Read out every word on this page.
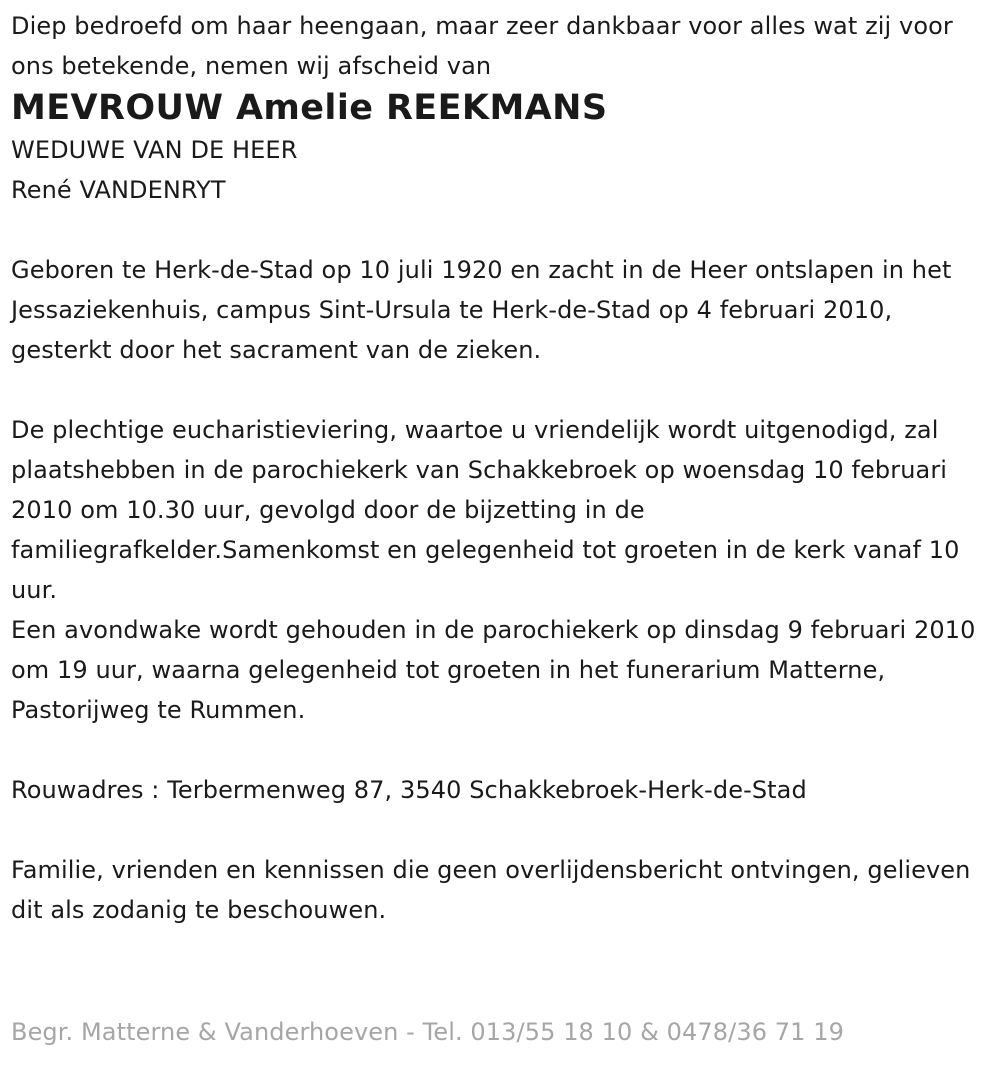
Diep bedroefd om haar heengaan, maar zeer dankbaar voor alles wat zij voor ons betekende, nemen wij afscheid van

MEVROUW Amelie REEKMANS

WEDUWE VAN DE HEER

René VANDENRYT

Geboren te Herk-de-Stad op 10 juli 1920 en zacht in de Heer ontslapen in het Jessaziekenhuis, campus Sint-Ursula te Herk-de-Stad op 4 februari 2010, gesterkt door het sacrament van de zieken.

De plechtige eucharistieviering, waartoe u vriendelijk wordt uitgenodigd, zal plaatshebben in de parochiekerk van Schakkebroek op woensdag 10 februari 2010 om 10.30 uur, gevolgd door de bijzetting in de familiegrafkelder.Samenkomst en gelegenheid tot groeten in de kerk vanaf 10 uur.

Een avondwake wordt gehouden in de parochiekerk op dinsdag 9 februari 2010 om 19 uur, waarna gelegenheid tot groeten in het funerarium Matterne, Pastorijweg te Rummen.

Rouwadres : Terbermenweg 87, 3540 Schakkebroek-Herk-de-Stad

Familie, vrienden en kennissen die geen overlijdensbericht ontvingen, gelieven dit als zodanig te beschouwen.

Begr. Matterne & Vanderhoeven - Tel. 013/55 18 10 & 0478/36 71 19
